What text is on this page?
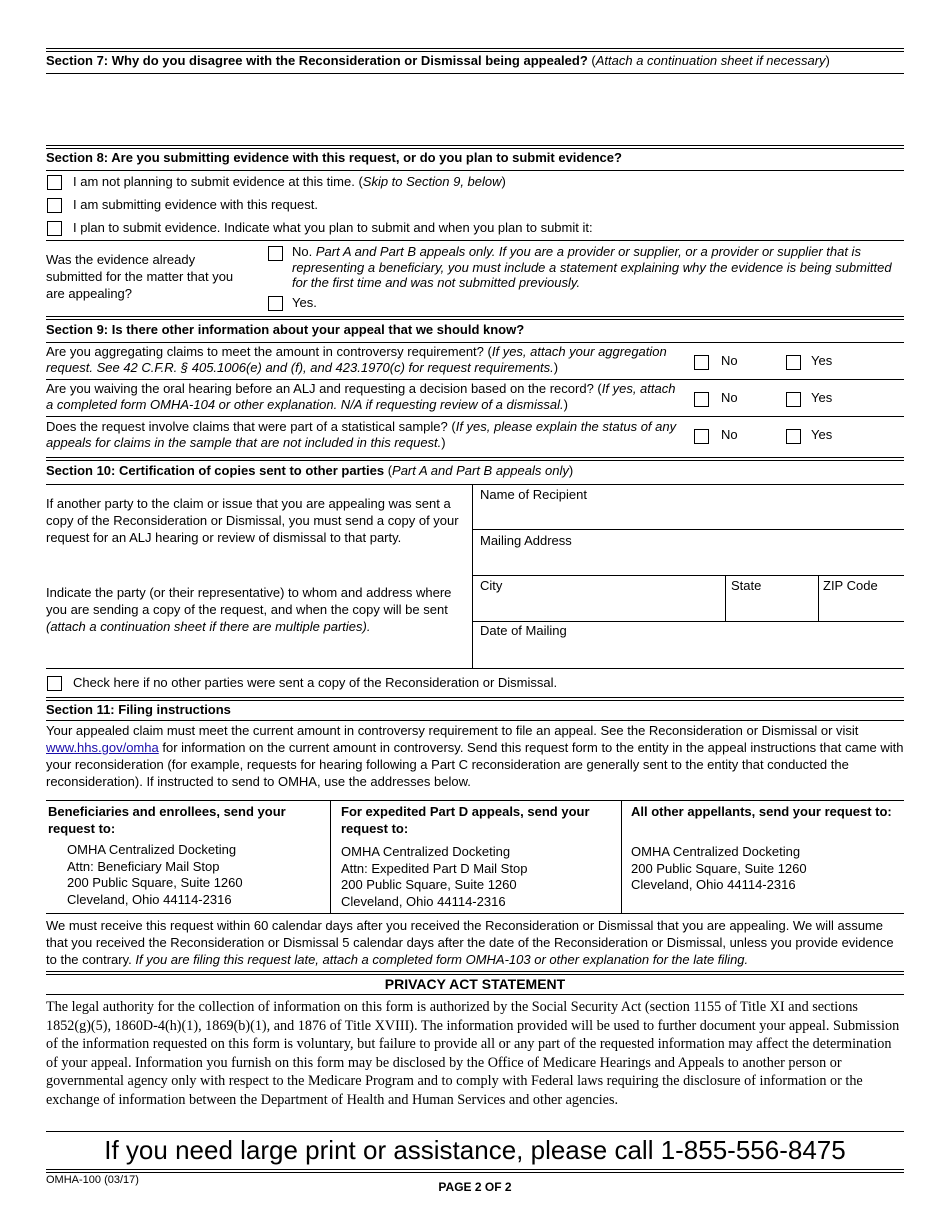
Section 7: Why do you disagree with the Reconsideration or Dismissal being appealed? (Attach a continuation sheet if necessary)
Section 8: Are you submitting evidence with this request, or do you plan to submit evidence?
I am not planning to submit evidence at this time. (Skip to Section 9, below)
I am submitting evidence with this request.
I plan to submit evidence. Indicate what you plan to submit and when you plan to submit it:
Was the evidence already submitted for the matter that you are appealing?
No. Part A and Part B appeals only. If you are a provider or supplier, or a provider or supplier that is representing a beneficiary, you must include a statement explaining why the evidence is being submitted for the first time and was not submitted previously.
Yes.
Section 9: Is there other information about your appeal that we should know?
Are you aggregating claims to meet the amount in controversy requirement? (If yes, attach your aggregation request. See 42 C.F.R. § 405.1006(e) and (f), and 423.1970(c) for request requirements.)	No	Yes
Are you waiving the oral hearing before an ALJ and requesting a decision based on the record? (If yes, attach a completed form OMHA-104 or other explanation. N/A if requesting review of a dismissal.)	No	Yes
Does the request involve claims that were part of a statistical sample? (If yes, please explain the status of any appeals for claims in the sample that are not included in this request.)
No	Yes
Section 10: Certification of copies sent to other parties (Part A and Part B appeals only)
If another party to the claim or issue that you are appealing was sent a copy of the Reconsideration or Dismissal, you must send a copy of your request for an ALJ hearing or review of dismissal to that party.
Indicate the party (or their representative) to whom and address where you are sending a copy of the request, and when the copy will be sent (attach a continuation sheet if there are multiple parties).
Name of Recipient
Mailing Address
City	State	ZIP Code
Date of Mailing
Check here if no other parties were sent a copy of the Reconsideration or Dismissal.
Section 11: Filing instructions
Your appealed claim must meet the current amount in controversy requirement to file an appeal. See the Reconsideration or Dismissal or visit www.hhs.gov/omha for information on the current amount in controversy. Send this request form to the entity in the appeal instructions that came with your reconsideration (for example, requests for hearing following a Part C reconsideration are generally sent to the entity that conducted the reconsideration). If instructed to send to OMHA, use the addresses below.
Beneficiaries and enrollees, send your request to:
OMHA Centralized Docketing
Attn: Beneficiary Mail Stop
200 Public Square, Suite 1260
Cleveland, Ohio 44114-2316
For expedited Part D appeals, send your request to:
OMHA Centralized Docketing
Attn: Expedited Part D Mail Stop
200 Public Square, Suite 1260
Cleveland, Ohio 44114-2316
All other appellants, send your request to:
OMHA Centralized Docketing
200 Public Square, Suite 1260
Cleveland, Ohio 44114-2316
We must receive this request within 60 calendar days after you received the Reconsideration or Dismissal that you are appealing. We will assume that you received the Reconsideration or Dismissal 5 calendar days after the date of the Reconsideration or Dismissal, unless you provide evidence to the contrary. If you are filing this request late, attach a completed form OMHA-103 or other explanation for the late filing.
PRIVACY ACT STATEMENT
The legal authority for the collection of information on this form is authorized by the Social Security Act (section 1155 of Title XI and sections 1852(g)(5), 1860D-4(h)(1), 1869(b)(1), and 1876 of Title XVIII). The information provided will be used to further document your appeal. Submission of the information requested on this form is voluntary, but failure to provide all or any part of the requested information may affect the determination of your appeal. Information you furnish on this form may be disclosed by the Office of Medicare Hearings and Appeals to another person or governmental agency only with respect to the Medicare Program and to comply with Federal laws requiring the disclosure of information or the exchange of information between the Department of Health and Human Services and other agencies.
If you need large print or assistance, please call 1-855-556-8475
OMHA-100 (03/17)	PAGE 2 OF 2
